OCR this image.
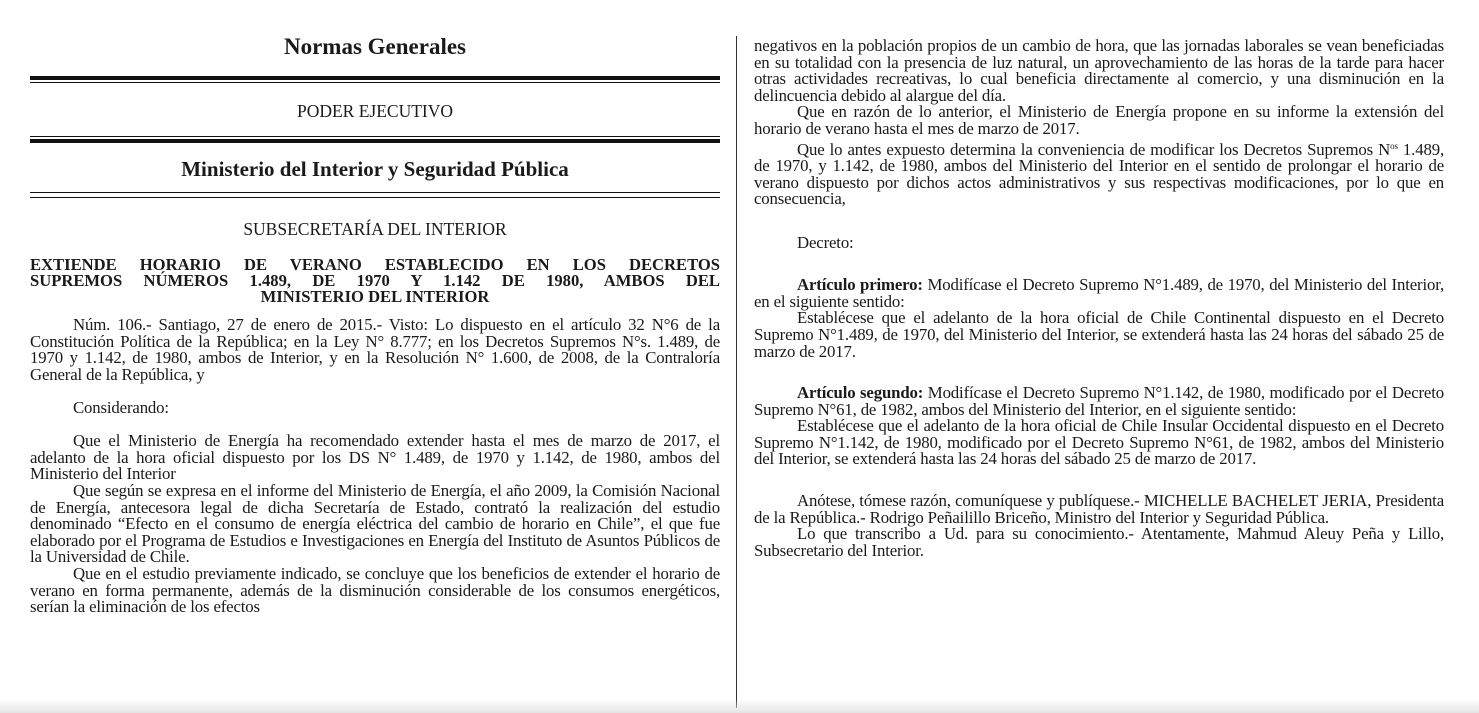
Normas Generales
PODER EJECUTIVO
Ministerio del Interior y Seguridad Pública
SUBSECRETARÍA DEL INTERIOR
EXTIENDE HORARIO DE VERANO ESTABLECIDO EN LOS DECRETOS
SUPREMOS NÚMEROS 1.489, DE 1970 Y 1.142 DE 1980, AMBOS DEL
MINISTERIO DEL INTERIOR

Núm. 106.- Santiago, 27 de enero de 2015.- Visto: Lo dispuesto en el artículo 32 N°6 de la Constitución Política de la República; en la Ley N° 8.777; en los Decretos Supremos N°s. 1.489, de 1970 y 1.142, de 1980, ambos de Interior, y en la Resolución N° 1.600, de 2008, de la Contraloría General de la República, y

Considerando:

Que el Ministerio de Energía ha recomendado extender hasta el mes de marzo de 2017, el adelanto de la hora oficial dispuesto por los DS N° 1.489, de 1970 y 1.142, de 1980, ambos del Ministerio del Interior

Que según se expresa en el informe del Ministerio de Energía, el año 2009, la Comisión Nacional de Energía, antecesora legal de dicha Secretaría de Estado, contrató la realización del estudio denominado “Efecto en el consumo de energía eléctrica del cambio de horario en Chile”, el que fue elaborado por el Programa de Estudios e Investigaciones en Energía del Instituto de Asuntos Públicos de la Universidad de Chile.

Que en el estudio previamente indicado, se concluye que los beneficios de extender el horario de verano en forma permanente, además de la disminución considerable de los consumos energéticos, serían la eliminación de los efectos

negativos en la población propios de un cambio de hora, que las jornadas laborales se vean beneficiadas en su totalidad con la presencia de luz natural, un aprovechamiento de las horas de la tarde para hacer otras actividades recreativas, lo cual beneficia directamente al comercio, y una disminución en la delincuencia debido al alargue del día.

Que en razón de lo anterior, el Ministerio de Energía propone en su informe la extensión del horario de verano hasta el mes de marzo de 2017.

Que lo antes expuesto determina la conveniencia de modificar los Decretos Supremos $N^{os}$ 1.489, de 1970, y 1.142, de 1980, ambos del Ministerio del Interior en el sentido de prolongar el horario de verano dispuesto por dichos actos administrativos y sus respectivas modificaciones, por lo que en consecuencia,

Decreto:

Artículo primero: Modifícase el Decreto Supremo N°1.489, de 1970, del Ministerio del Interior, en el siguiente sentido:

Establécese que el adelanto de la hora oficial de Chile Continental dispuesto en el Decreto Supremo N°1.489, de 1970, del Ministerio del Interior, se extenderá hasta las 24 horas del sábado 25 de marzo de 2017.

Artículo segundo: Modifícase el Decreto Supremo N°1.142, de 1980, modificado por el Decreto Supremo N°61, de 1982, ambos del Ministerio del Interior, en el siguiente sentido:

Establécese que el adelanto de la hora oficial de Chile Insular Occidental dispuesto en el Decreto Supremo N°1.142, de 1980, modificado por el Decreto Supremo N°61, de 1982, ambos del Ministerio del Interior, se extenderá hasta las 24 horas del sábado 25 de marzo de 2017.

Anótese, tómese razón, comuníquese y publíquese.- MICHELLE BACHELET JERIA, Presidenta de la República.- Rodrigo Peñailillo Briceño, Ministro del Interior y Seguridad Pública.

Lo que transcribo a Ud. para su conocimiento.- Atentamente, Mahmud Aleuy Peña y Lillo, Subsecretario del Interior.
